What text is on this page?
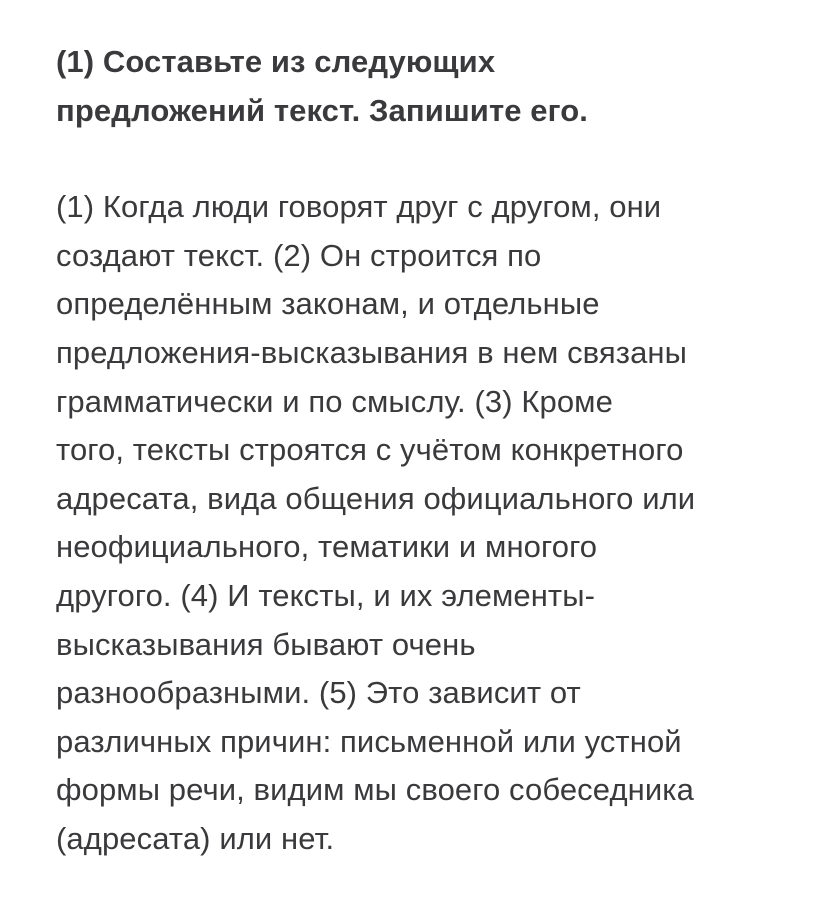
(1) Составьте из следующих
предложений текст. Запишите его.
(1) Когда люди говорят друг с другом, они
создают текст. (2) Он строится по
определённым законам, и отдельные
предложения-высказывания в нем связаны
грамматически и по смыслу. (3) Кроме
того, тексты строятся с учётом конкретного
адресата, вида общения официального или
неофициального, тематики и многого
другого. (4) И тексты, и их элементы-
высказывания бывают очень
разнообразными. (5) Это зависит от
различных причин: письменной или устной
формы речи, видим мы своего собеседника
(адресата) или нет.
